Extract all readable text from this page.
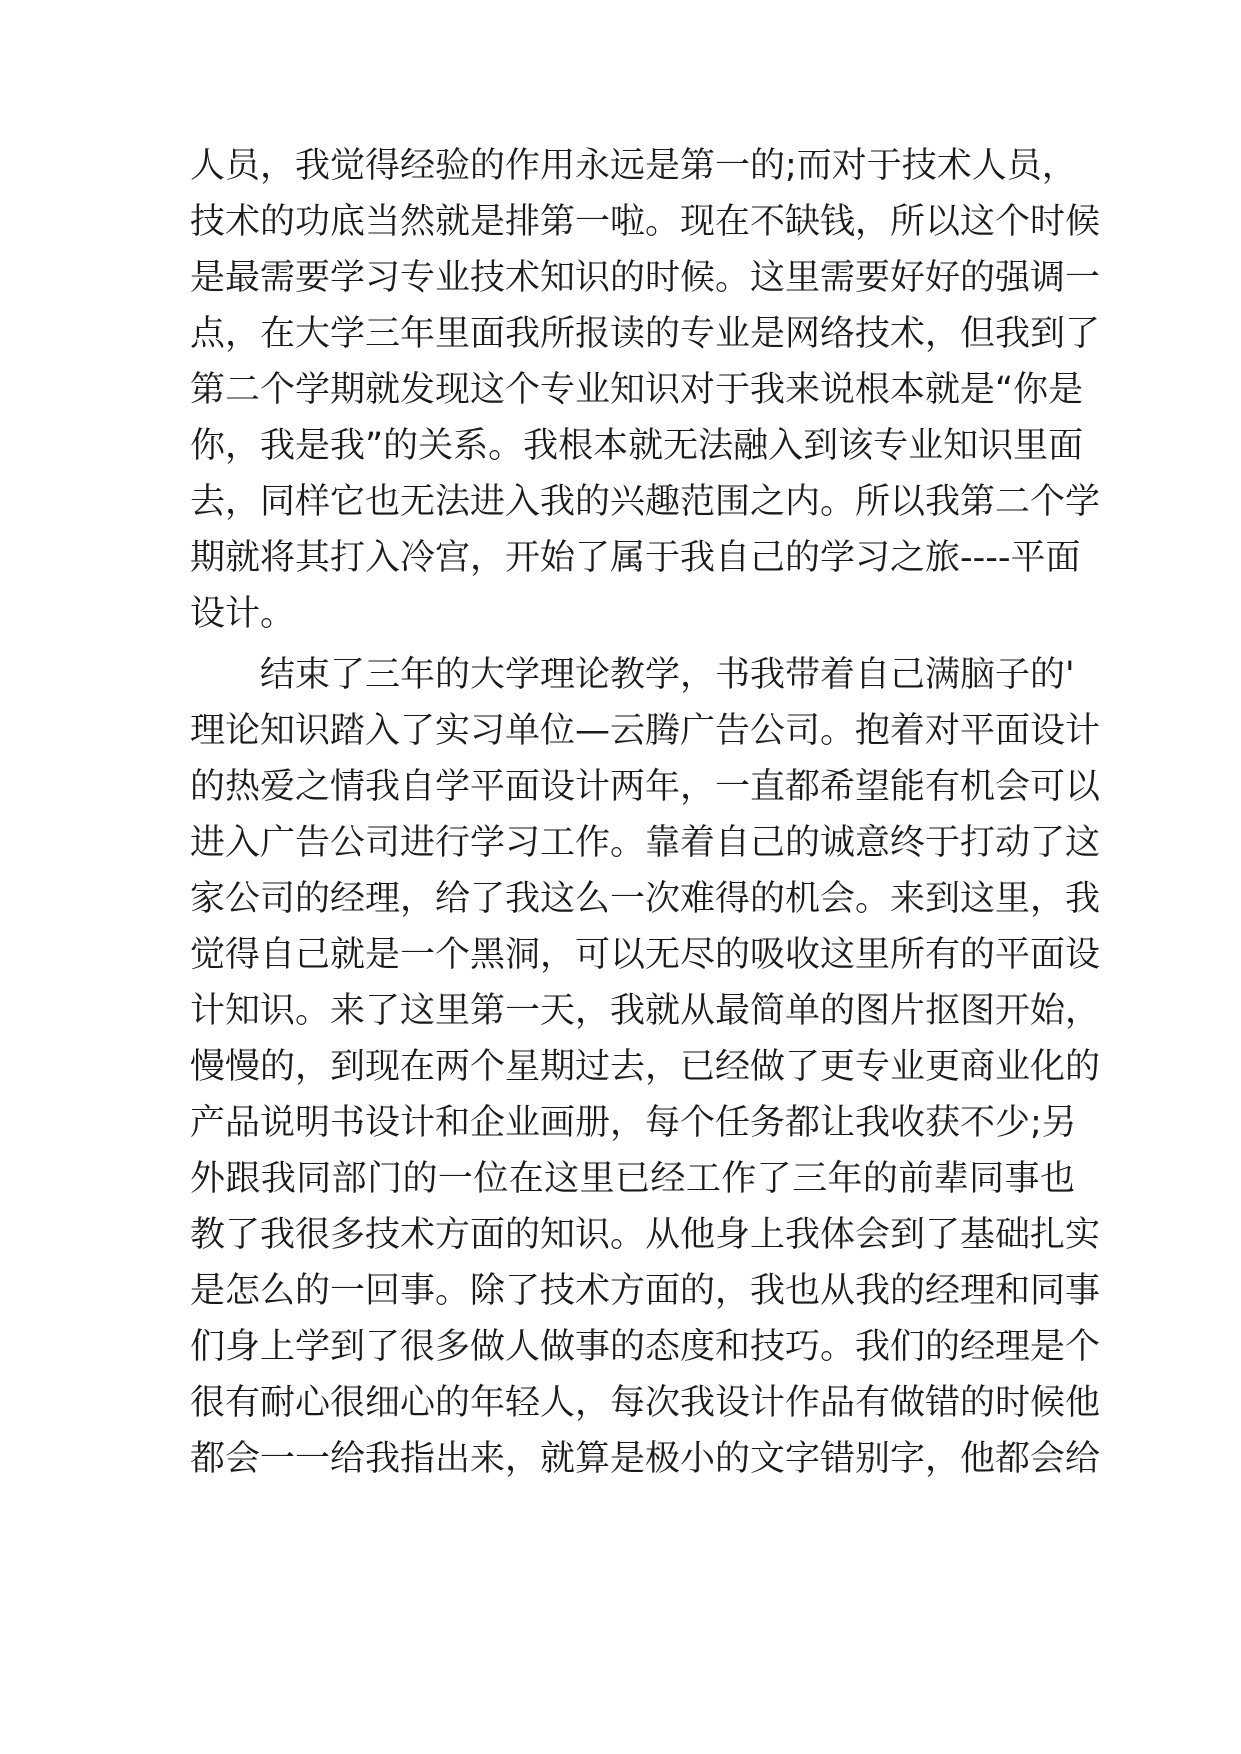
人员，我觉得经验的作用永远是第一的;而对于技术人员，
技术的功底当然就是排第一啦。现在不缺钱，所以这个时候
是最需要学习专业技术知识的时候。这里需要好好的强调一
点，在大学三年里面我所报读的专业是网络技术，但我到了
第二个学期就发现这个专业知识对于我来说根本就是“你是
你，我是我”的关系。我根本就无法融入到该专业知识里面
去，同样它也无法进入我的兴趣范围之内。所以我第二个学
期就将其打入冷宫，开始了属于我自己的学习之旅----平面
设计。
结束了三年的大学理论教学，书我带着自己满脑子的'
理论知识踏入了实习单位—云腾广告公司。抱着对平面设计
的热爱之情我自学平面设计两年，一直都希望能有机会可以
进入广告公司进行学习工作。靠着自己的诚意终于打动了这
家公司的经理，给了我这么一次难得的机会。来到这里，我
觉得自己就是一个黑洞，可以无尽的吸收这里所有的平面设
计知识。来了这里第一天，我就从最简单的图片抠图开始，
慢慢的，到现在两个星期过去，已经做了更专业更商业化的
产品说明书设计和企业画册，每个任务都让我收获不少;另
外跟我同部门的一位在这里已经工作了三年的前辈同事也
教了我很多技术方面的知识。从他身上我体会到了基础扎实
是怎么的一回事。除了技术方面的，我也从我的经理和同事
们身上学到了很多做人做事的态度和技巧。我们的经理是个
很有耐心很细心的年轻人，每次我设计作品有做错的时候他
都会一一给我指出来，就算是极小的文字错别字，他都会给
